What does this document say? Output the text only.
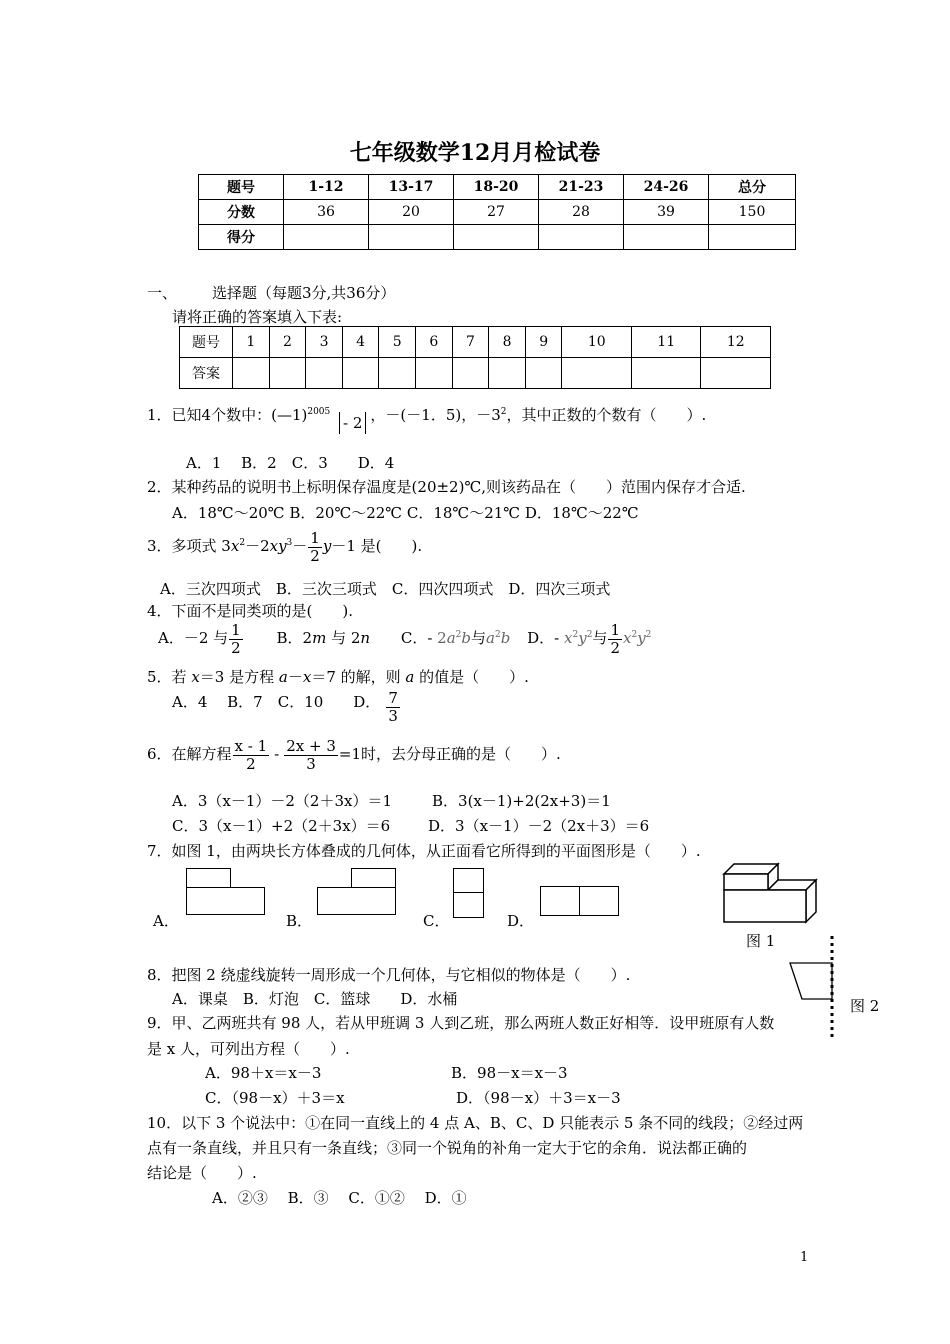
七年级数学12月月检试卷
题号	1-12	13-17	18-20	21-23	24-26	总分
分数	36	20	27	28	39	150
得分						
一、 选择题（每题3分,共36分）
请将正确的答案填入下表:
题号	1	2	3	4	5	6	7	8	9	10	11	12
答案												
1．已知4个数中：(—1)$^{2005}$ - 2 ，－(－1．5)，$-3^2$，其中正数的个数有（　　）.
A．1　 B．2　C．3　　D．4
2．某种药品的说明书上标明保存温度是(20±2)℃,则该药品在（　　）范围内保存才合适.
A．18℃～20℃ B．20℃～22℃ C．18℃～21℃ D．18℃～22℃
3．多项式 $3x^2-2xy^3- \frac{1}{2} y-1$ 是(　　).
A．三次四项式　B．三次三项式　C．四次四项式　D．四次三项式
4．下面不是同类项的是(　　).
A．－2 与 $\frac{1}{2}$ B．2m 与 2n C．- $2a^2b$与$a^2b$ D．- $x^2y^2$与 $\frac{1}{2} x^2y^2$
5．若 x＝3 是方程 a－x＝7 的解，则 a 的值是（　　）.
A．4　 B．7　C．10　　D． $\frac{7}{3}$
6．在解方程 $\frac{x - 1}{2} - \frac{2x + 3}{3} =1$时，去分母正确的是（　　）.
A．3（x－1）－2（2＋3x）＝1	B．3(x－1)+2(2x+3)＝1
C．3（x－1）+2（2＋3x）＝6	D．3（x－1）－2（2x＋3）＝6
7．如图 1，由两块长方体叠成的几何体，从正面看它所得到的平面图形是（　　）.
A．	B．	C．	D．
图 1
8．把图 2 绕虚线旋转一周形成一个几何体，与它相似的物体是（　　）.
A．课桌　B．灯泡　C．篮球　　D．水桶	图 2
9．甲、乙两班共有 98 人，若从甲班调 3 人到乙班，那么两班人数正好相等．设甲班原有人数
是 x 人，可列出方程（　　）.
A．98＋x＝x－3	B．98－x＝x－3
C．（98－x）＋3＝x	D．（98－x）＋3＝x－3
10．以下 3 个说法中：①在同一直线上的 4 点 A、B、C、D 只能表示 5 条不同的线段；②经过两
点有一条直线，并且只有一条直线；③同一个锐角的补角一定大于它的余角．说法都正确的
结论是（　　）.
A．②③　 B．③　 C．①②　 D．①
1
